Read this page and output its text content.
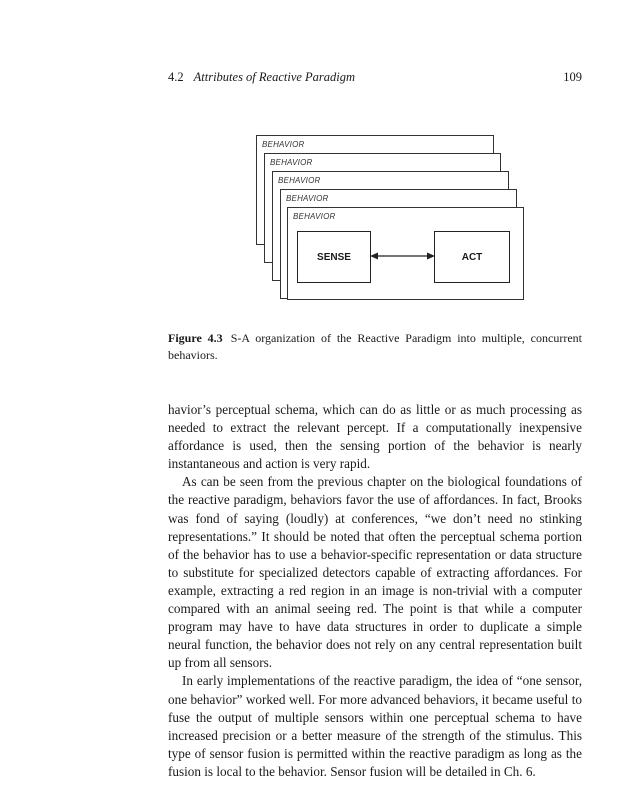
4.2 Attributes of Reactive Paradigm	109
BEHAVIOR
BEHAVIOR
BEHAVIOR
BEHAVIOR
BEHAVIOR
SENSE	ACT
Figure 4.3 S-A organization of the Reactive Paradigm into multiple, concurrent behaviors.

havior’s perceptual schema, which can do as little or as much processing as needed to extract the relevant percept. If a computationally inexpensive affordance is used, then the sensing portion of the behavior is nearly instantaneous and action is very rapid.

As can be seen from the previous chapter on the biological foundations of the reactive paradigm, behaviors favor the use of affordances. In fact, Brooks was fond of saying (loudly) at conferences, “we don’t need no stinking representations.” It should be noted that often the perceptual schema portion of the behavior has to use a behavior-specific representation or data structure to substitute for specialized detectors capable of extracting affordances. For example, extracting a red region in an image is non-trivial with a computer compared with an animal seeing red. The point is that while a computer program may have to have data structures in order to duplicate a simple neural function, the behavior does not rely on any central representation built up from all sensors.

In early implementations of the reactive paradigm, the idea of “one sensor, one behavior” worked well. For more advanced behaviors, it became useful to fuse the output of multiple sensors within one perceptual schema to have increased precision or a better measure of the strength of the stimulus. This type of sensor fusion is permitted within the reactive paradigm as long as the fusion is local to the behavior. Sensor fusion will be detailed in Ch. 6.
